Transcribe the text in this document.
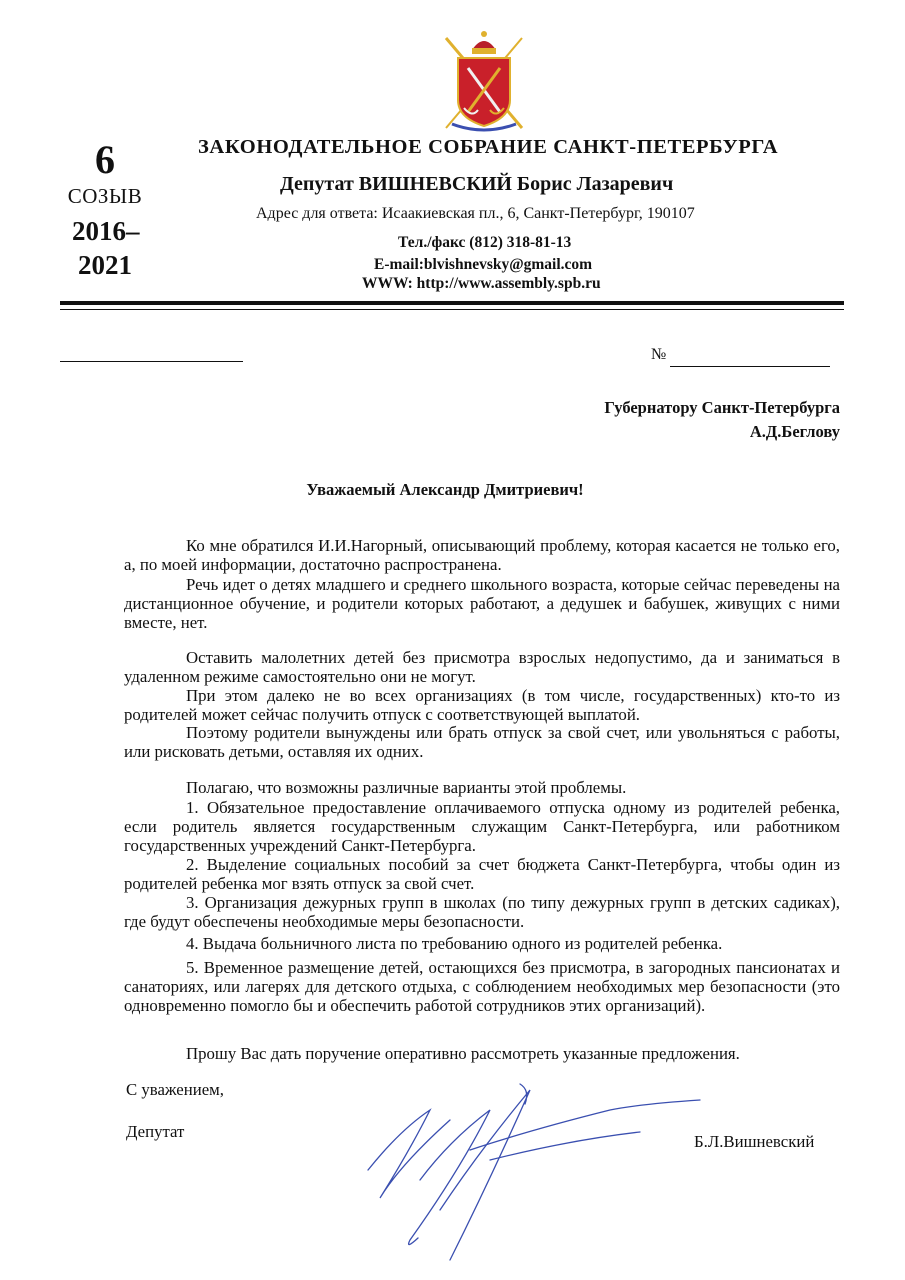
6
СОЗЫВ
2016–
2021
ЗАКОНОДАТЕЛЬНОЕ СОБРАНИЕ САНКТ-ПЕТЕРБУРГА
Депутат ВИШНЕВСКИЙ Борис Лазаревич
Адрес для ответа: Исаакиевская пл., 6, Санкт-Петербург, 190107
Тел./факс (812) 318-81-13
E-mail:blvishnevsky@gmail.com
WWW: http://www.assembly.spb.ru
№
Губернатору Санкт-Петербурга
А.Д.Беглову
Уважаемый Александр Дмитриевич!

Ко мне обратился И.И.Нагорный, описывающий проблему, которая касается не только его, а, по моей информации, достаточно распространена.

Речь идет о детях младшего и среднего школьного возраста, которые сейчас переведены на дистанционное обучение, и родители которых работают, а дедушек и бабушек, живущих с ними вместе, нет.

Оставить малолетних детей без присмотра взрослых недопустимо, да и заниматься в удаленном режиме самостоятельно они не могут.

При этом далеко не во всех организациях (в том числе, государственных) кто-то из родителей может сейчас получить отпуск с соответствующей выплатой.

Поэтому родители вынуждены или брать отпуск за свой счет, или увольняться с работы, или рисковать детьми, оставляя их одних.

Полагаю, что возможны различные варианты этой проблемы.

1. Обязательное предоставление оплачиваемого отпуска одному из родителей ребенка, если родитель является государственным служащим Санкт-Петербурга, или работником государственных учреждений Санкт-Петербурга.

2. Выделение социальных пособий за счет бюджета Санкт-Петербурга, чтобы один из родителей ребенка мог взять отпуск за свой счет.

3. Организация дежурных групп в школах (по типу дежурных групп в детских садиках), где будут обеспечены необходимые меры безопасности.

4. Выдача больничного листа по требованию одного из родителей ребенка.

5. Временное размещение детей, остающихся без присмотра, в загородных пансионатах и санаториях, или лагерях для детского отдыха, с соблюдением необходимых мер безопасности (это одновременно помогло бы и обеспечить работой сотрудников этих организаций).

Прошу Вас дать поручение оперативно рассмотреть указанные предложения.

С уважением,
Депутат
Б.Л.Вишневский
